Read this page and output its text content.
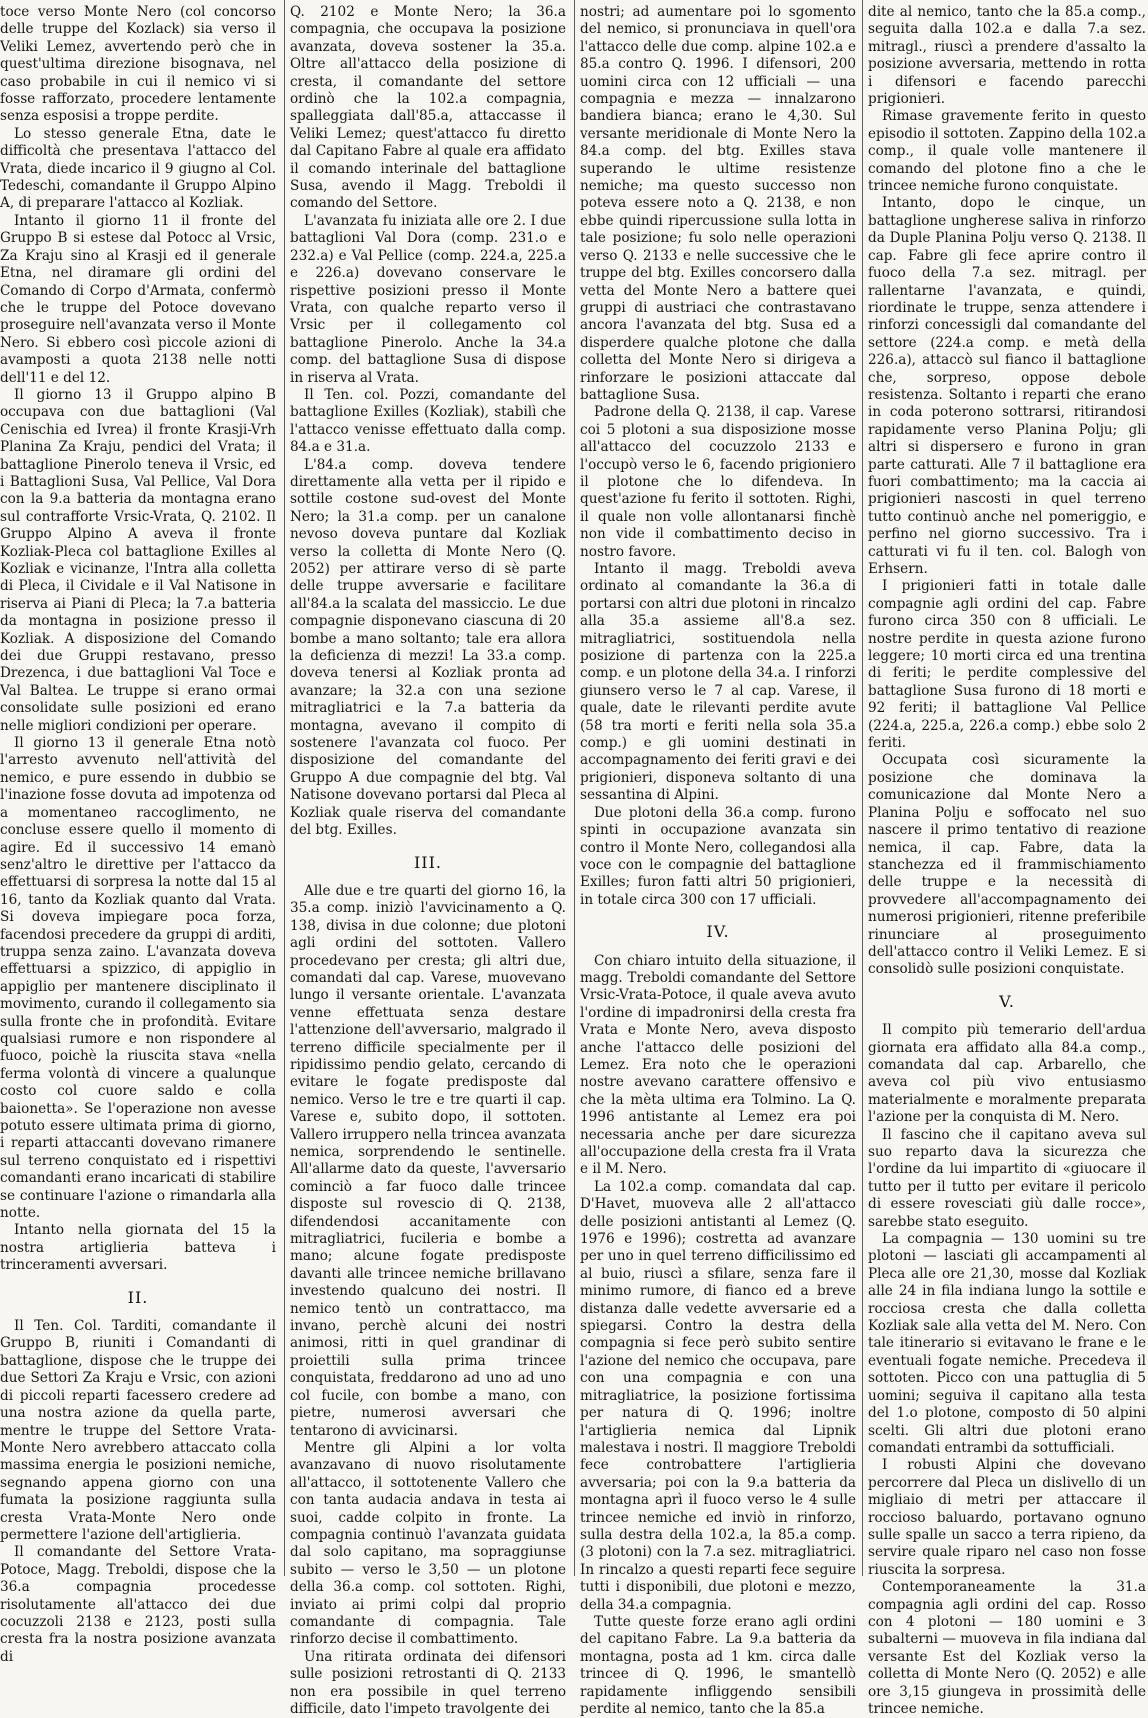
toce verso Monte Nero (col concorso delle truppe del Kozlack) sia verso il Veliki Lemez, avvertendo però che in quest'ultima direzione bisognava, nel caso probabile in cui il nemico vi si fosse rafforzato, procedere lentamente senza esposisi a troppe perdite.

Lo stesso generale Etna, date le difficoltà che presentava l'attacco del Vrata, diede incarico il 9 giugno al Col. Tedeschi, comandante il Gruppo Alpino A, di preparare l'attacco al Kozliak.

Intanto il giorno 11 il fronte del Gruppo B si estese dal Potocc al Vrsic, Za Kraju sino al Krasji ed il generale Etna, nel diramare gli ordini del Comando di Corpo d'Armata, confermò che le truppe del Potoce dovevano proseguire nell'avanzata verso il Monte Nero. Si ebbero così piccole azioni di avamposti a quota 2138 nelle notti dell'11 e del 12.

Il giorno 13 il Gruppo alpino B occupava con due battaglioni (Val Cenischia ed Ivrea) il fronte Krasji-Vrh Planina Za Kraju, pendici del Vrata; il battaglione Pinerolo teneva il Vrsic, ed i Battaglioni Susa, Val Pellice, Val Dora con la 9.a batteria da montagna erano sul contrafforte Vrsic-Vrata, Q. 2102. Il Gruppo Alpino A aveva il fronte Kozliak-Pleca col battaglione Exilles al Kozliak e vicinanze, l'Intra alla colletta di Pleca, il Cividale e il Val Natisone in riserva ai Piani di Pleca; la 7.a batteria da montagna in posizione presso il Kozliak. A disposizione del Comando dei due Gruppi restavano, presso Drezenca, i due battaglioni Val Toce e Val Baltea. Le truppe si erano ormai consolidate sulle posizioni ed erano nelle migliori condizioni per operare.

Il giorno 13 il generale Etna notò l'arresto avvenuto nell'attività del nemico, e pure essendo in dubbio se l'inazione fosse dovuta ad impotenza od a momentaneo raccoglimento, ne concluse essere quello il momento di agire. Ed il successivo 14 emanò senz'altro le direttive per l'attacco da effettuarsi di sorpresa la notte dal 15 al 16, tanto da Kozliak quanto dal Vrata. Si doveva impiegare poca forza, facendosi precedere da gruppi di arditi, truppa senza zaino. L'avanzata doveva effettuarsi a spizzico, di appiglio in appiglio per mantenere disciplinato il movimento, curando il collegamento sia sulla fronte che in profondità. Evitare qualsiasi rumore e non rispondere al fuoco, poichè la riuscita stava «nella ferma volontà di vincere a qualunque costo col cuore saldo e colla baionetta». Se l'operazione non avesse potuto essere ultimata prima di giorno, i reparti attaccanti dovevano rimanere sul terreno conquistato ed i rispettivi comandanti erano incaricati di stabilire se continuare l'azione o rimandarla alla notte.

Intanto nella giornata del 15 la nostra artiglieria batteva i trinceramenti avversari.

II.

Il Ten. Col. Tarditi, comandante il Gruppo B, riuniti i Comandanti di battaglione, dispose che le truppe dei due Settori Za Kraju e Vrsic, con azioni di piccoli reparti facessero credere ad una nostra azione da quella parte, mentre le truppe del Settore Vrata-Monte Nero avrebbero attaccato colla massima energia le posizioni nemiche, segnando appena giorno con una fumata la posizione raggiunta sulla cresta Vrata-Monte Nero onde permettere l'azione dell'artiglieria.

Il comandante del Settore Vrata-Potoce, Magg. Treboldi, dispose che la 36.a compagnia procedesse risolutamente all'attacco dei due cocuzzoli 2138 e 2123, posti sulla cresta fra la nostra posizione avanzata di

Q. 2102 e Monte Nero; la 36.a compagnia, che occupava la posizione avanzata, doveva sostener la 35.a. Oltre all'attacco della posizione di cresta, il comandante del settore ordinò che la 102.a compagnia, spalleggiata dall'85.a, attaccasse il Veliki Lemez; quest'attacco fu diretto dal Capitano Fabre al quale era affidato il comando interinale del battaglione Susa, avendo il Magg. Treboldi il comando del Settore.

L'avanzata fu iniziata alle ore 2. I due battaglioni Val Dora (comp. 231.o e 232.a) e Val Pellice (comp. 224.a, 225.a e 226.a) dovevano conservare le rispettive posizioni presso il Monte Vrata, con qualche reparto verso il Vrsic per il collegamento col battaglione Pinerolo. Anche la 34.a comp. del battaglione Susa di dispose in riserva al Vrata.

Il Ten. col. Pozzi, comandante del battaglione Exilles (Kozliak), stabilì che l'attacco venisse effettuato dalla comp. 84.a e 31.a.

L'84.a comp. doveva tendere direttamente alla vetta per il ripido e sottile costone sud-ovest del Monte Nero; la 31.a comp. per un canalone nevoso doveva puntare dal Kozliak verso la colletta di Monte Nero (Q. 2052) per attirare verso di sè parte delle truppe avversarie e facilitare all'84.a la scalata del massiccio. Le due compagnie disponevano ciascuna di 20 bombe a mano soltanto; tale era allora la deficienza di mezzi! La 33.a comp. doveva tenersi al Kozliak pronta ad avanzare; la 32.a con una sezione mitragliatrici e la 7.a batteria da montagna, avevano il compito di sostenere l'avanzata col fuoco. Per disposizione del comandante del Gruppo A due compagnie del btg. Val Natisone dovevano portarsi dal Pleca al Kozliak quale riserva del comandante del btg. Exilles.

III.

Alle due e tre quarti del giorno 16, la 35.a comp. iniziò l'avvicinamento a Q. 138, divisa in due colonne; due plotoni agli ordini del sottoten. Vallero procedevano per cresta; gli altri due, comandati dal cap. Varese, muovevano lungo il versante orientale. L'avanzata venne effettuata senza destare l'attenzione dell'avversario, malgrado il terreno difficile specialmente per il ripidissimo pendio gelato, cercando di evitare le fogate predisposte dal nemico. Verso le tre e tre quarti il cap. Varese e, subito dopo, il sottoten. Vallero irruppero nella trincea avanzata nemica, sorprendendo le sentinelle. All'allarme dato da queste, l'avversario cominciò a far fuoco dalle trincee disposte sul rovescio di Q. 2138, difendendosi accanitamente con mitragliatrici, fucileria e bombe a mano; alcune fogate predisposte davanti alle trincee nemiche brillavano investendo qualcuno dei nostri. Il nemico tentò un contrattacco, ma invano, perchè alcuni dei nostri animosi, ritti in quel grandinar di proiettili sulla prima trincee conquistata, freddarono ad uno ad uno col fucile, con bombe a mano, con pietre, numerosi avversari che tentarono di avvicinarsi.

Mentre gli Alpini a lor volta avanzavano di nuovo risolutamente all'attacco, il sottotenente Vallero che con tanta audacia andava in testa ai suoi, cadde colpito in fronte. La compagnia continuò l'avanzata guidata dal solo capitano, ma sopraggiunse subito — verso le 3,50 — un plotone della 36.a comp. col sottoten. Righi, inviato ai primi colpi dal proprio comandante di compagnia. Tale rinforzo decise il combattimento.

Una ritirata ordinata dei difensori sulle posizioni retrostanti di Q. 2133 non era possibile in quel terreno difficile, dato l'impeto travolgente dei

nostri; ad aumentare poi lo sgomento del nemico, si pronunciava in quell'ora l'attacco delle due comp. alpine 102.a e 85.a contro Q. 1996. I difensori, 200 uomini circa con 12 ufficiali — una compagnia e mezza — innalzarono bandiera bianca; erano le 4,30. Sul versante meridionale di Monte Nero la 84.a comp. del btg. Exilles stava superando le ultime resistenze nemiche; ma questo successo non poteva essere noto a Q. 2138, e non ebbe quindi ripercussione sulla lotta in tale posizione; fu solo nelle operazioni verso Q. 2133 e nelle successive che le truppe del btg. Exilles concorsero dalla vetta del Monte Nero a battere quei gruppi di austriaci che contrastavano ancora l'avanzata del btg. Susa ed a disperdere qualche plotone che dalla colletta del Monte Nero si dirigeva a rinforzare le posizioni attaccate dal battaglione Susa.

Padrone della Q. 2138, il cap. Varese coi 5 plotoni a sua disposizione mosse all'attacco del cocuzzolo 2133 e l'occupò verso le 6, facendo prigioniero il plotone che lo difendeva. In quest'azione fu ferito il sottoten. Righi, il quale non volle allontanarsi finchè non vide il combattimento deciso in nostro favore.

Intanto il magg. Treboldi aveva ordinato al comandante la 36.a di portarsi con altri due plotoni in rincalzo alla 35.a assieme all'8.a sez. mitragliatrici, sostituendola nella posizione di partenza con la 225.a comp. e un plotone della 34.a. I rinforzi giunsero verso le 7 al cap. Varese, il quale, date le rilevanti perdite avute (58 tra morti e feriti nella sola 35.a comp.) e gli uomini destinati in accompagnamento dei feriti gravi e dei prigionieri, disponeva soltanto di una sessantina di Alpini.

Due plotoni della 36.a comp. furono spinti in occupazione avanzata sin contro il Monte Nero, collegandosi alla voce con le compagnie del battaglione Exilles; furon fatti altri 50 prigionieri, in totale circa 300 con 17 ufficiali.

IV.

Con chiaro intuito della situazione, il magg. Treboldi comandante del Settore Vrsic-Vrata-Potoce, il quale aveva avuto l'ordine di impadronirsi della cresta fra Vrata e Monte Nero, aveva disposto anche l'attacco delle posizioni del Lemez. Era noto che le operazioni nostre avevano carattere offensivo e che la mèta ultima era Tolmino. La Q. 1996 antistante al Lemez era poi necessaria anche per dare sicurezza all'occupazione della cresta fra il Vrata e il M. Nero.

La 102.a comp. comandata dal cap. D'Havet, muoveva alle 2 all'attacco delle posizioni antistanti al Lemez (Q. 1976 e 1996); costretta ad avanzare per uno in quel terreno difficilissimo ed al buio, riuscì a sfilare, senza fare il minimo rumore, di fianco ed a breve distanza dalle vedette avversarie ed a spiegarsi. Contro la destra della compagnia si fece però subito sentire l'azione del nemico che occupava, pare con una compagnia e con una mitragliatrice, la posizione fortissima per natura di Q. 1996; inoltre l'artiglieria nemica dal Lipnik malestava i nostri. Il maggiore Treboldi fece controbattere l'artiglieria avversaria; poi con la 9.a batteria da montagna aprì il fuoco verso le 4 sulle trincee nemiche ed inviò in rinforzo, sulla destra della 102.a, la 85.a comp. (3 plotoni) con la 7.a sez. mitragliatrici. In rincalzo a questi reparti fece seguire tutti i disponibili, due plotoni e mezzo, della 34.a compagnia.

Tutte queste forze erano agli ordini del capitano Fabre. La 9.a batteria da montagna, posta ad 1 km. circa dalle trincee di Q. 1996, le smantellò rapidamente infliggendo sensibili perdite al nemico, tanto che la 85.a

dite al nemico, tanto che la 85.a comp., seguita dalla 102.a e dalla 7.a sez. mitragl., riuscì a prendere d'assalto la posizione avversaria, mettendo in rotta i difensori e facendo parecchi prigionieri.

Rimase gravemente ferito in questo episodio il sottoten. Zappino della 102.a comp., il quale volle mantenere il comando del plotone fino a che le trincee nemiche furono conquistate.

Intanto, dopo le cinque, un battaglione ungherese saliva in rinforzo da Duple Planina Polju verso Q. 2138. Il cap. Fabre gli fece aprire contro il fuoco della 7.a sez. mitragl. per rallentarne l'avanzata, e quindi, riordinate le truppe, senza attendere i rinforzi concessigli dal comandante del settore (224.a comp. e metà della 226.a), attaccò sul fianco il battaglione che, sorpreso, oppose debole resistenza. Soltanto i reparti che erano in coda poterono sottrarsi, ritirandosi rapidamente verso Planina Polju; gli altri si dispersero e furono in gran parte catturati. Alle 7 il battaglione era fuori combattimento; ma la caccia ai prigionieri nascosti in quel terreno tutto continuò anche nel pomeriggio, e perfino nel giorno successivo. Tra i catturati vi fu il ten. col. Balogh von Erhsern.

I prigionieri fatti in totale dalle compagnie agli ordini del cap. Fabre furono circa 350 con 8 ufficiali. Le nostre perdite in questa azione furono leggere; 10 morti circa ed una trentina di feriti; le perdite complessive del battaglione Susa furono di 18 morti e 92 feriti; il battaglione Val Pellice (224.a, 225.a, 226.a comp.) ebbe solo 2 feriti.

Occupata così sicuramente la posizione che dominava la comunicazione dal Monte Nero a Planina Polju e soffocato nel suo nascere il primo tentativo di reazione nemica, il cap. Fabre, data la stanchezza ed il frammischiamento delle truppe e la necessità di provvedere all'accompagnamento dei numerosi prigionieri, ritenne preferibile rinunciare al proseguimento dell'attacco contro il Veliki Lemez. E si consolidò sulle posizioni conquistate.

V.

Il compito più temerario dell'ardua giornata era affidato alla 84.a comp., comandata dal cap. Arbarello, che aveva col più vivo entusiasmo materialmente e moralmente preparata l'azione per la conquista di M. Nero.

Il fascino che il capitano aveva sul suo reparto dava la sicurezza che l'ordine da lui impartito di «giuocare il tutto per il tutto per evitare il pericolo di essere rovesciati giù dalle rocce», sarebbe stato eseguito.

La compagnia — 130 uomini su tre plotoni — lasciati gli accampamenti al Pleca alle ore 21,30, mosse dal Kozliak alle 24 in fila indiana lungo la sottile e rocciosa cresta che dalla colletta Kozliak sale alla vetta del M. Nero. Con tale itinerario si evitavano le frane e le eventuali fogate nemiche. Precedeva il sottoten. Picco con una pattuglia di 5 uomini; seguiva il capitano alla testa del 1.o plotone, composto di 50 alpini scelti. Gli altri due plotoni erano comandati entrambi da sottufficiali.

I robusti Alpini che dovevano percorrere dal Pleca un dislivello di un migliaio di metri per attaccare il roccioso baluardo, portavano ognuno sulle spalle un sacco a terra ripieno, da servire quale riparo nel caso non fosse riuscita la sorpresa.

Contemporaneamente la 31.a compagnia agli ordini del cap. Rosso con 4 plotoni — 180 uomini e 3 subalterni — muoveva in fila indiana dal versante Est del Kozliak verso la colletta di Monte Nero (Q. 2052) e alle ore 3,15 giungeva in prossimità delle trincee nemiche.
